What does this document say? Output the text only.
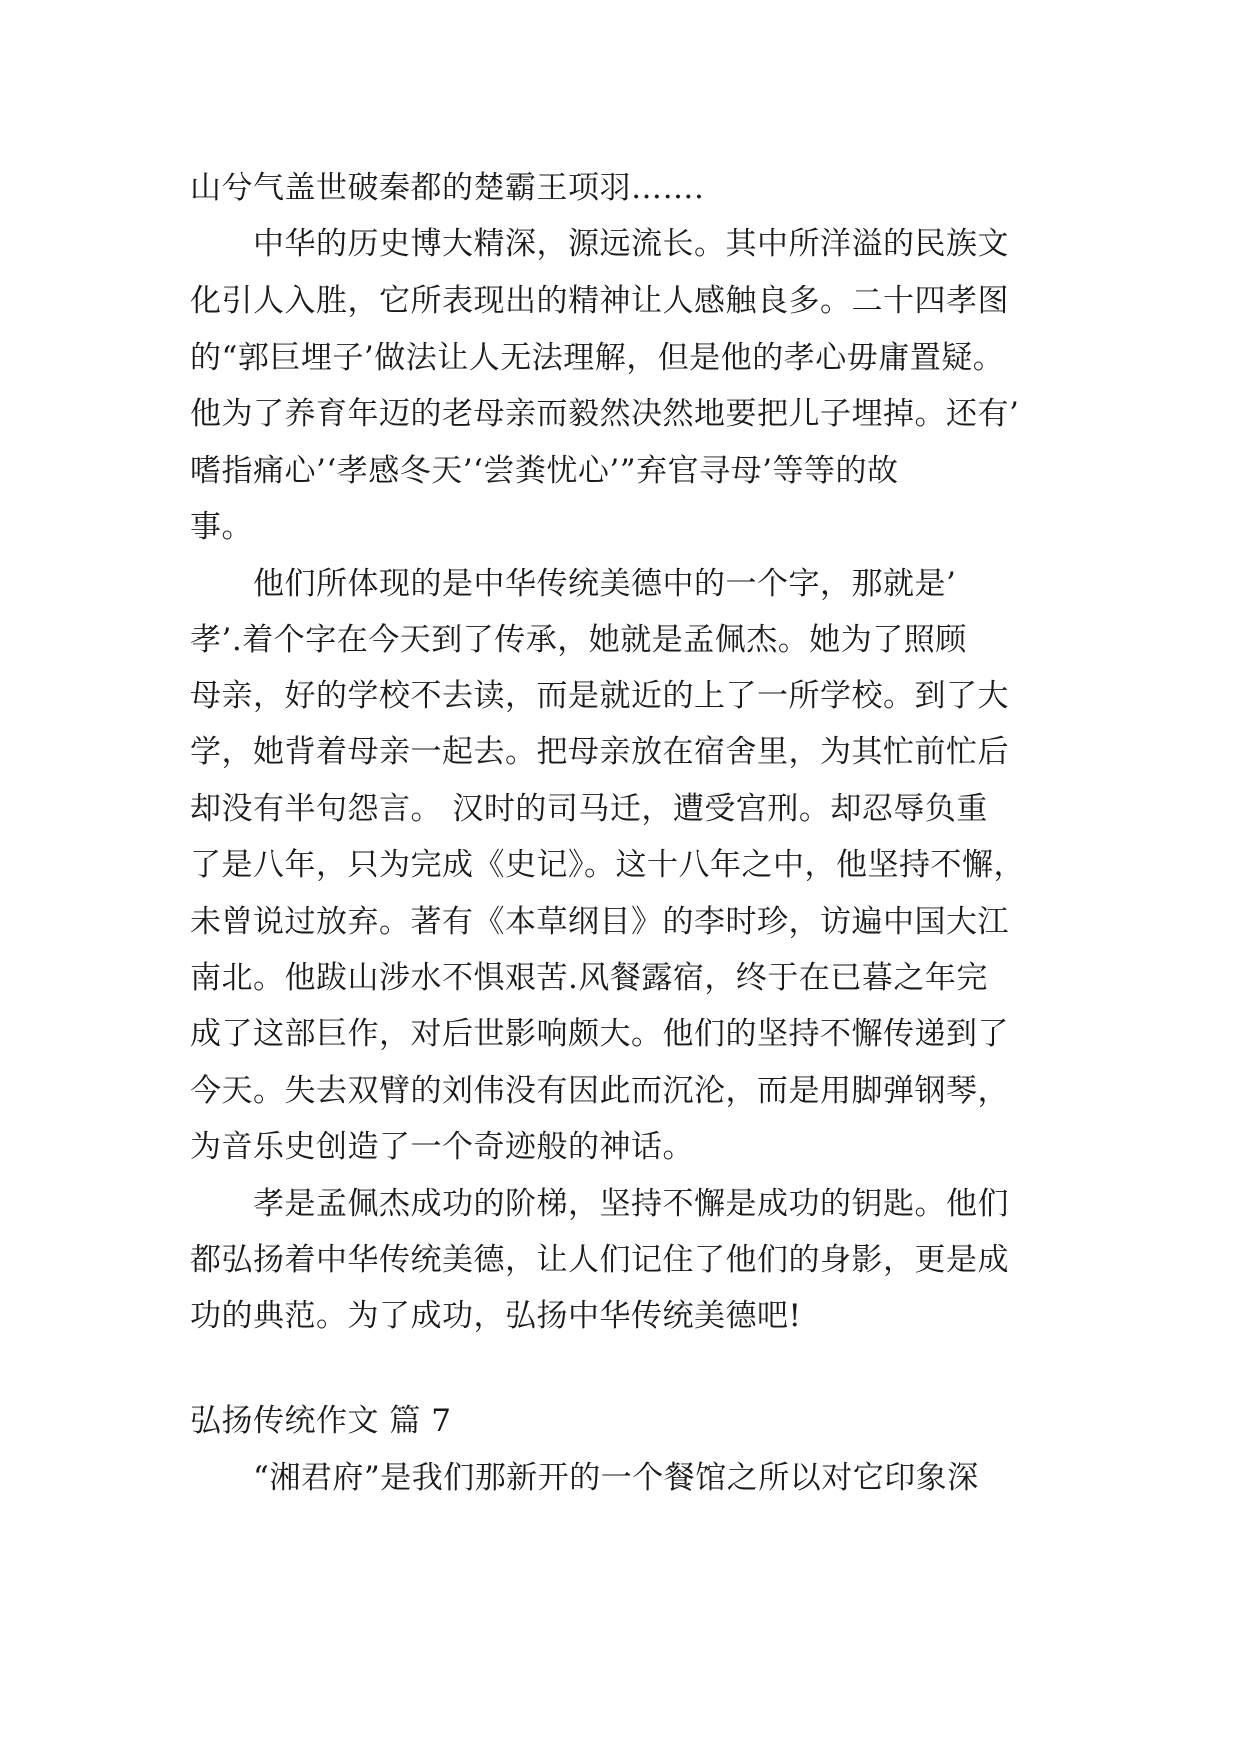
山兮气盖世破秦都的楚霸王项羽…….
　　中华的历史博大精深，源远流长。其中所洋溢的民族文
化引人入胜，它所表现出的精神让人感触良多。二十四孝图
的“郭巨埋子’做法让人无法理解，但是他的孝心毋庸置疑。
他为了养育年迈的老母亲而毅然决然地要把儿子埋掉。还有’
嗜指痛心’‘孝感冬天’‘尝粪忧心’”弃官寻母’等等的故
事。
　　他们所体现的是中华传统美德中的一个字，那就是’
孝’.着个字在今天到了传承，她就是孟佩杰。她为了照顾
母亲，好的学校不去读，而是就近的上了一所学校。到了大
学，她背着母亲一起去。把母亲放在宿舍里，为其忙前忙后
却没有半句怨言。 汉时的司马迁，遭受宫刑。却忍辱负重
了是八年，只为完成《史记》。这十八年之中，他坚持不懈，
未曾说过放弃。著有《本草纲目》的李时珍，访遍中国大江
南北。他跋山涉水不惧艰苦.风餐露宿，终于在已暮之年完
成了这部巨作，对后世影响颇大。他们的坚持不懈传递到了
今天。失去双臂的刘伟没有因此而沉沦，而是用脚弹钢琴，
为音乐史创造了一个奇迹般的神话。
　　孝是孟佩杰成功的阶梯，坚持不懈是成功的钥匙。他们
都弘扬着中华传统美德，让人们记住了他们的身影，更是成
功的典范。为了成功，弘扬中华传统美德吧!
弘扬传统作文 篇 7
　　“湘君府”是我们那新开的一个餐馆之所以对它印象深
